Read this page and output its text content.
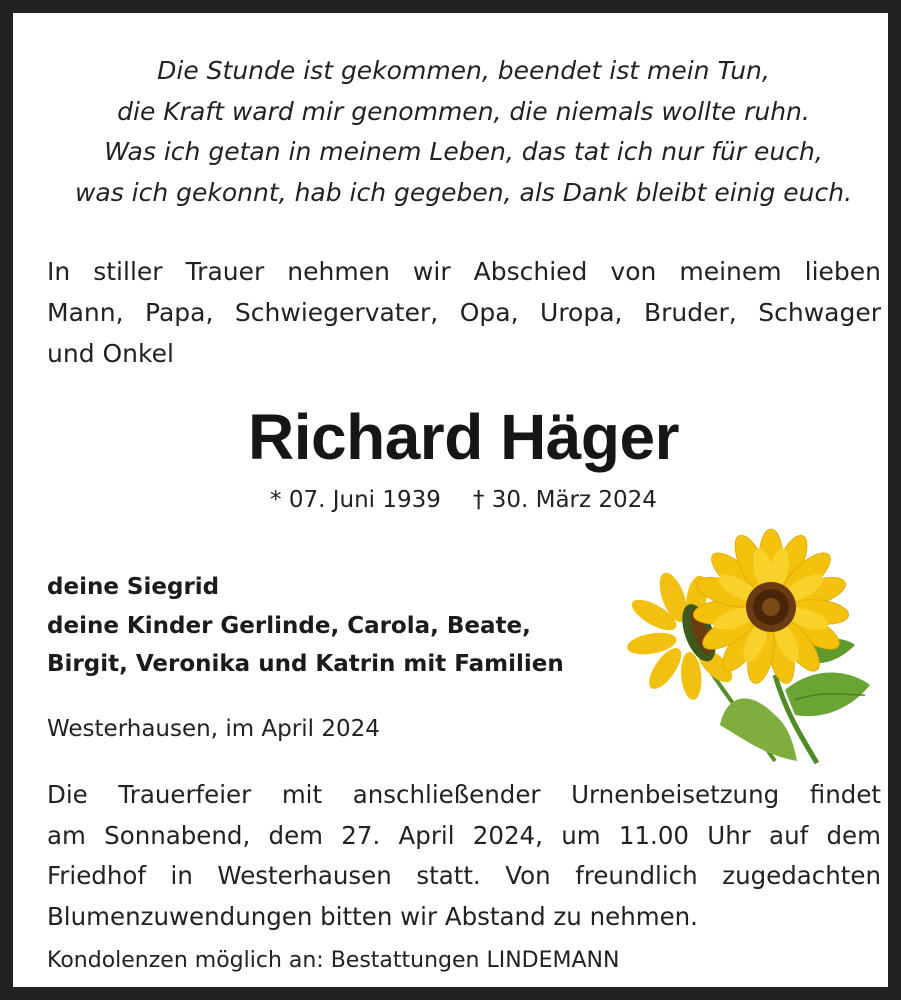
Die Stunde ist gekommen, beendet ist mein Tun,
die Kraft ward mir genommen, die niemals wollte ruhn.
Was ich getan in meinem Leben, das tat ich nur für euch,
was ich gekonnt, hab ich gegeben, als Dank bleibt einig euch.
In stiller Trauer nehmen wir Abschied von meinem lieben
Mann, Papa, Schwiegervater, Opa, Uropa, Bruder, Schwager
und Onkel
Richard Häger
* 07. Juni 1939 † 30. März 2024
deine Siegrid
deine Kinder Gerlinde, Carola, Beate,
Birgit, Veronika und Katrin mit Familien
Westerhausen, im April 2024
Die Trauerfeier mit anschließender Urnenbeisetzung findet
am Sonnabend, dem 27. April 2024, um 11.00 Uhr auf dem
Friedhof in Westerhausen statt. Von freundlich zugedachten
Blumenzuwendungen bitten wir Abstand zu nehmen.
Kondolenzen möglich an: Bestattungen LINDEMANN
